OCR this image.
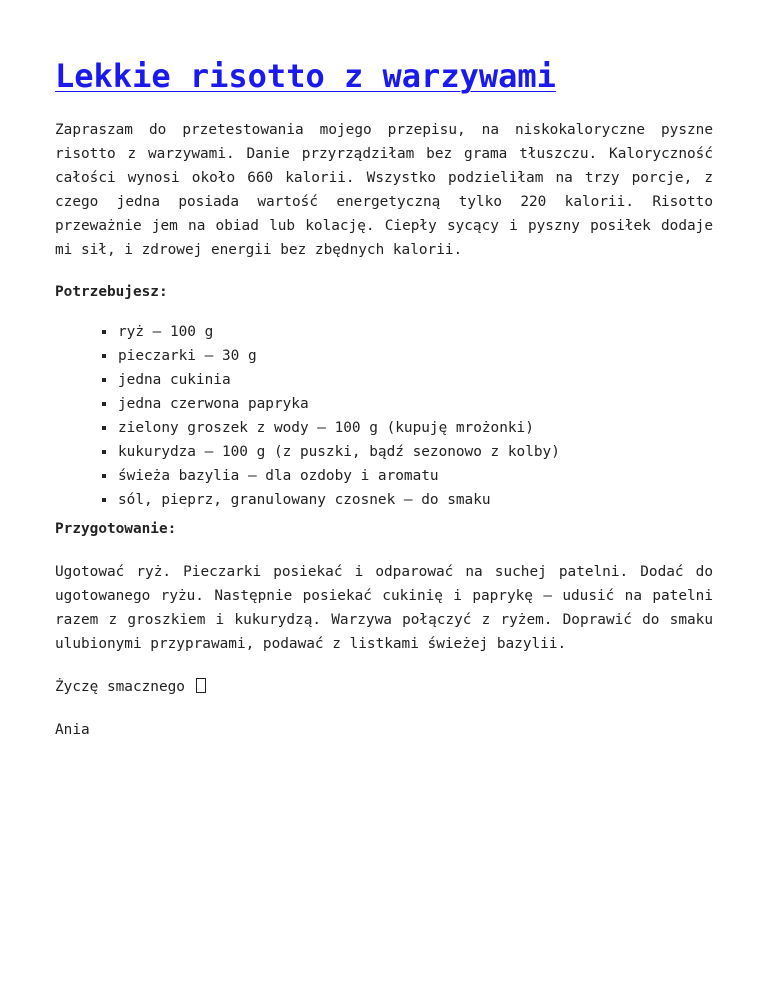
Lekkie risotto z warzywami

Zapraszam do przetestowania mojego przepisu, na niskokaloryczne pyszne risotto z warzywami. Danie przyrządziłam bez grama tłuszczu. Kaloryczność całości wynosi około 660 kalorii. Wszystko podzieliłam na trzy porcje, z czego jedna posiada wartość energetyczną tylko 220 kalorii. Risotto przeważnie jem na obiad lub kolację. Ciepły sycący i pyszny posiłek dodaje mi sił, i zdrowej energii bez zbędnych kalorii.

Potrzebujesz:

ryż – 100 g
pieczarki – 30 g
jedna cukinia
jedna czerwona papryka
zielony groszek z wody – 100 g (kupuję mrożonki)
kukurydza – 100 g (z puszki, bądź sezonowo z kolby)
świeża bazylia – dla ozdoby i aromatu
sól, pieprz, granulowany czosnek – do smaku

Przygotowanie:

Ugotować ryż. Pieczarki posiekać i odparować na suchej patelni. Dodać do ugotowanego ryżu. Następnie posiekać cukinię i paprykę – udusić na patelni razem z groszkiem i kukurydzą. Warzywa połączyć z ryżem. Doprawić do smaku ulubionymi przyprawami, podawać z listkami świeżej bazylii.

Życzę smacznego

Ania
